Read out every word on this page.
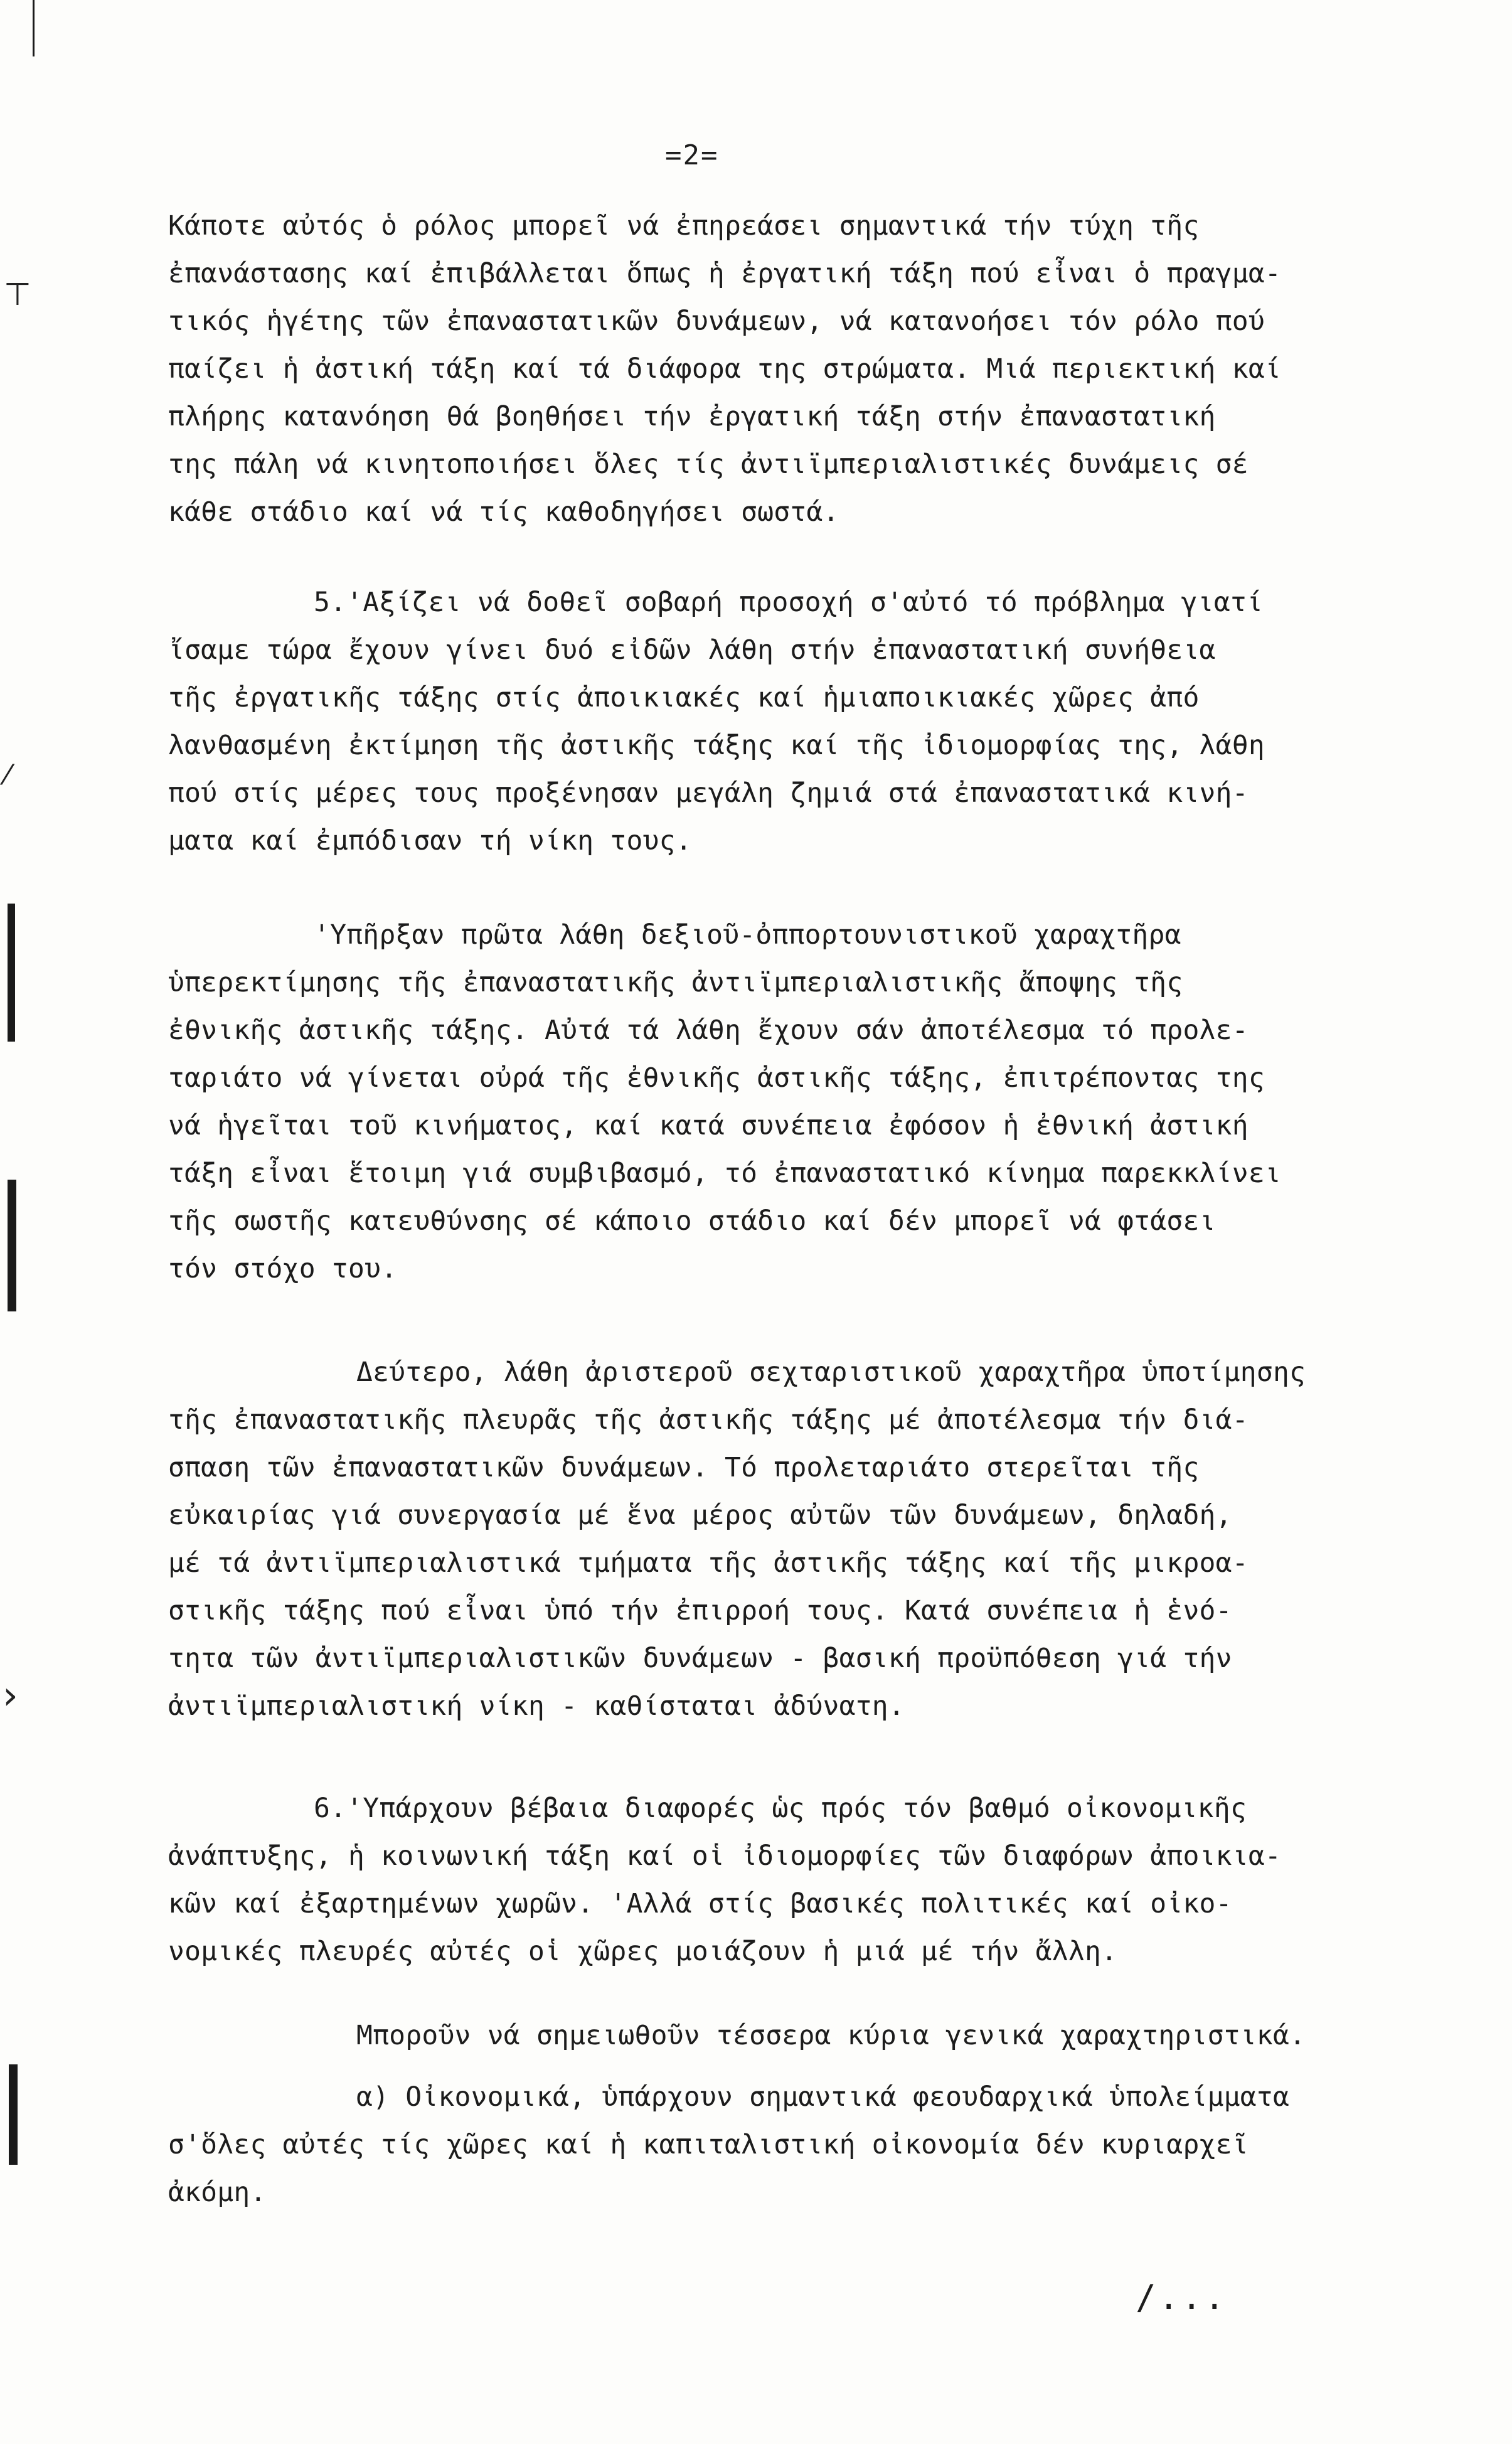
=2=
Κάποτε αὐτός ὁ ρόλος μπορεῖ νά ἐπηρεάσει σημαντικά τήν τύχη τῆς
ἐπανάστασης καί ἐπιβάλλεται ὅπως ἡ ἐργατική τάξη πού εἶναι ὁ πραγμα-
τικός ἡγέτης τῶν ἐπαναστατικῶν δυνάμεων, νά κατανοήσει τόν ρόλο πού
παίζει ἡ ἀστική τάξη καί τά διάφορα της στρώματα. Μιά περιεκτική καί
πλήρης κατανόηση θά βοηθήσει τήν ἐργατική τάξη στήν ἐπαναστατική
της πάλη νά κινητοποιήσει ὅλες τίς ἀντιϊμπεριαλιστικές δυνάμεις σέ
κάθε στάδιο καί νά τίς καθοδηγήσει σωστά.
5.'Αξίζει νά δοθεῖ σοβαρή προσοχή σ'αὐτό τό πρόβλημα γιατί
ἴσαμε τώρα ἔχουν γίνει δυό εἰδῶν λάθη στήν ἐπαναστατική συνήθεια
τῆς ἐργατικῆς τάξης στίς ἀποικιακές καί ἡμιαποικιακές χῶρες ἀπό
λανθασμένη ἐκτίμηση τῆς ἀστικῆς τάξης καί τῆς ἰδιομορφίας της, λάθη
πού στίς μέρες τους προξένησαν μεγάλη ζημιά στά ἐπαναστατικά κινή-
ματα καί ἐμπόδισαν τή νίκη τους.
'Υπῆρξαν πρῶτα λάθη δεξιοῦ-ὀππορτουνιστικοῦ χαραχτῆρα
ὑπερεκτίμησης τῆς ἐπαναστατικῆς ἀντιϊμπεριαλιστικῆς ἄποψης τῆς
ἐθνικῆς ἀστικῆς τάξης. Αὐτά τά λάθη ἔχουν σάν ἀποτέλεσμα τό προλε-
ταριάτο νά γίνεται οὐρά τῆς ἐθνικῆς ἀστικῆς τάξης, ἐπιτρέποντας της
νά ἡγεῖται τοῦ κινήματος, καί κατά συνέπεια ἐφόσον ἡ ἐθνική ἀστική
τάξη εἶναι ἕτοιμη γιά συμβιβασμό, τό ἐπαναστατικό κίνημα παρεκκλίνει
τῆς σωστῆς κατευθύνσης σέ κάποιο στάδιο καί δέν μπορεῖ νά φτάσει
τόν στόχο του.
Δεύτερο, λάθη ἀριστεροῦ σεχταριστικοῦ χαραχτῆρα ὑποτίμησης
τῆς ἐπαναστατικῆς πλευρᾶς τῆς ἀστικῆς τάξης μέ ἀποτέλεσμα τήν διά-
σπαση τῶν ἐπαναστατικῶν δυνάμεων. Τό προλεταριάτο στερεῖται τῆς
εὐκαιρίας γιά συνεργασία μέ ἕνα μέρος αὐτῶν τῶν δυνάμεων, δηλαδή,
μέ τά ἀντιϊμπεριαλιστικά τμήματα τῆς ἀστικῆς τάξης καί τῆς μικροα-
στικῆς τάξης πού εἶναι ὑπό τήν ἐπιρροή τους. Κατά συνέπεια ἡ ἑνό-
τητα τῶν ἀντιϊμπεριαλιστικῶν δυνάμεων - βασική προϋπόθεση γιά τήν
ἀντιϊμπεριαλιστική νίκη - καθίσταται ἀδύνατη.
6.'Υπάρχουν βέβαια διαφορές ὡς πρός τόν βαθμό οἰκονομικῆς
ἀνάπτυξης, ἡ κοινωνική τάξη καί οἱ ἰδιομορφίες τῶν διαφόρων ἀποικια-
κῶν καί ἐξαρτημένων χωρῶν. 'Αλλά στίς βασικές πολιτικές καί οἰκο-
νομικές πλευρές αὐτές οἱ χῶρες μοιάζουν ἡ μιά μέ τήν ἄλλη.
Μποροῦν νά σημειωθοῦν τέσσερα κύρια γενικά χαραχτηριστικά.
α) Οἰκονομικά, ὑπάρχουν σημαντικά φεουδαρχικά ὑπολείμματα
σ'ὅλες αὐτές τίς χῶρες καί ἡ καπιταλιστική οἰκονομία δέν κυριαρχεῖ
ἀκόμη.
/...
⊤
⁄
›
